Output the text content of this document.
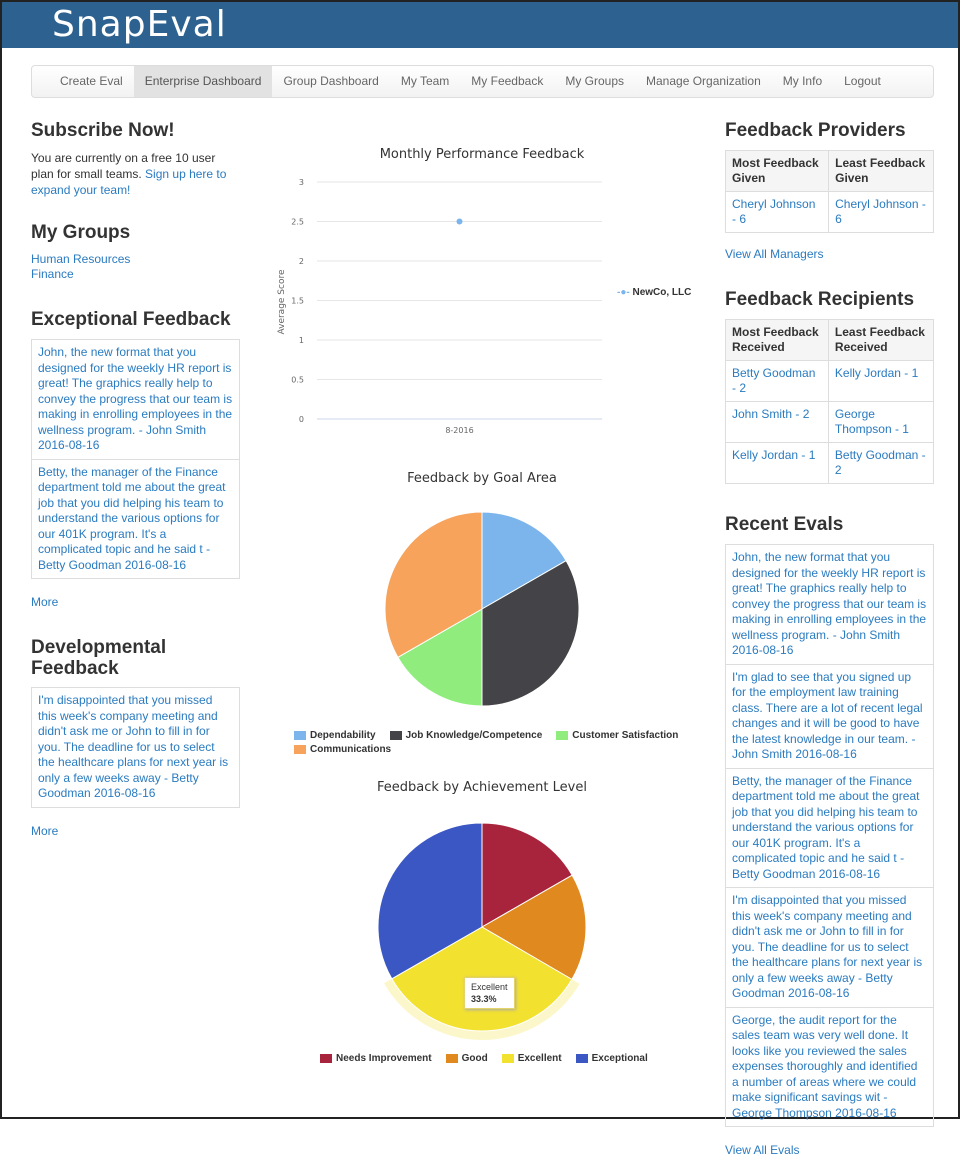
SnapEval
Create Eval	Enterprise Dashboard	Group Dashboard	My Team	My Feedback	My Groups	Manage Organization	My Info	Logout
Subscribe Now!
You are currently on a free 10 user plan for small teams. Sign up here to expand your team!
My Groups
Human Resources
Finance
Exceptional Feedback
John, the new format that you designed for the weekly HR report is great! The graphics really help to convey the progress that our team is making in enrolling employees in the wellness program. - John Smith 2016-08-16
Betty, the manager of the Finance department told me about the great job that you did helping his team to understand the various options for our 401K program. It's a complicated topic and he said t - Betty Goodman 2016-08-16
More
Developmental Feedback
I'm disappointed that you missed this week's company meeting and didn't ask me or John to fill in for you. The deadline for us to select the healthcare plans for next year is only a few weeks away - Betty Goodman 2016-08-16
More
Monthly Performance Feedback
0
0.5
1
1.5
2
2.5
3
Average Score
8-2016
-●- NewCo, LLC
Feedback by Goal Area
Dependability	Job Knowledge/Competence	Customer Satisfaction
Communications
Feedback by Achievement Level
Excellent
33.3%
Needs Improvement	Good	Excellent	Exceptional
Feedback Providers
Most Feedback Given	Least Feedback Given
Cheryl Johnson - 6	Cheryl Johnson - 6
View All Managers
Feedback Recipients
Most Feedback Received	Least Feedback Received
Betty Goodman - 2	Kelly Jordan - 1
John Smith - 2	George Thompson - 1
Kelly Jordan - 1	Betty Goodman - 2
Recent Evals
John, the new format that you designed for the weekly HR report is great! The graphics really help to convey the progress that our team is making in enrolling employees in the wellness program. - John Smith 2016-08-16
I'm glad to see that you signed up for the employment law training class. There are a lot of recent legal changes and it will be good to have the latest knowledge in our team. - John Smith 2016-08-16
Betty, the manager of the Finance department told me about the great job that you did helping his team to understand the various options for our 401K program. It's a complicated topic and he said t - Betty Goodman 2016-08-16
I'm disappointed that you missed this week's company meeting and didn't ask me or John to fill in for you. The deadline for us to select the healthcare plans for next year is only a few weeks away - Betty Goodman 2016-08-16
George, the audit report for the sales team was very well done. It looks like you reviewed the sales expenses thoroughly and identified a number of areas where we could make significant savings wit - George Thompson 2016-08-16
View All Evals
